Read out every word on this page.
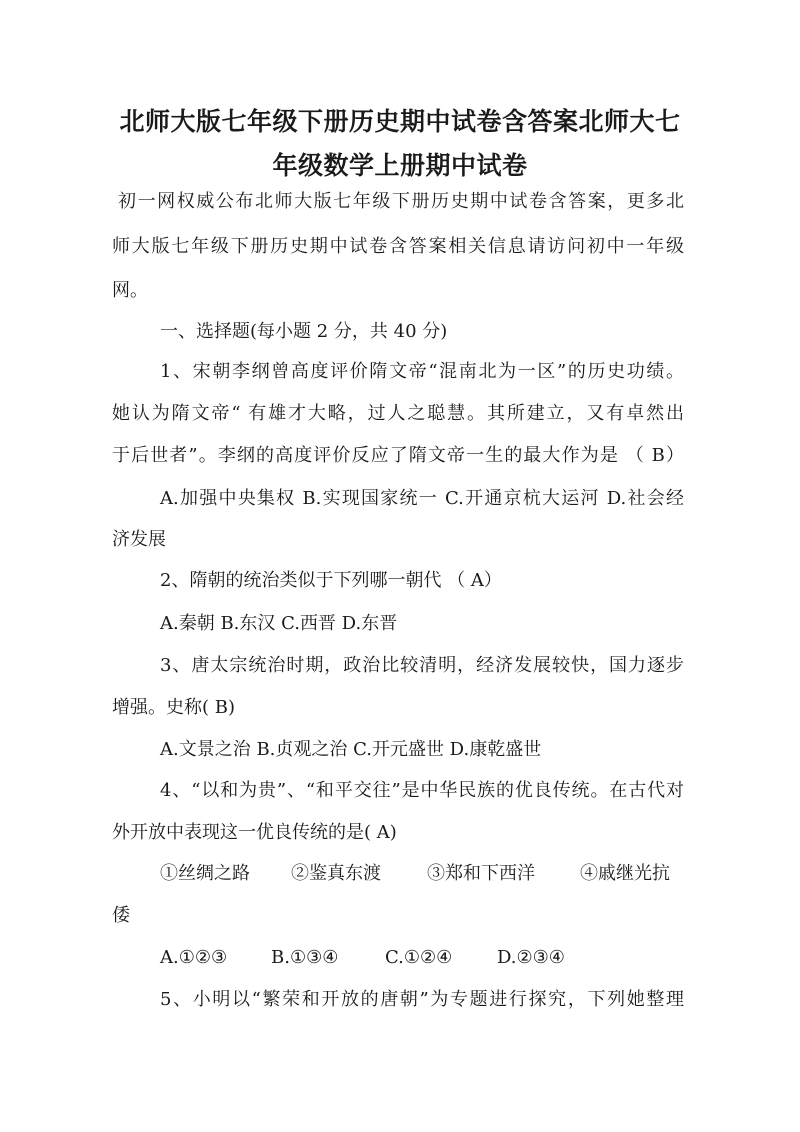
北师大版七年级下册历史期中试卷含答案北师大七
年级数学上册期中试卷
初一网权威公布北师大版七年级下册历史期中试卷含答案，更多北
师大版七年级下册历史期中试卷含答案相关信息请访问初中一年级
网。
一、选择题(每小题 2 分，共 40 分)
1、宋朝李纲曾高度评价隋文帝“混南北为一区”的历史功绩。
她认为隋文帝“ 有雄才大略，过人之聪慧。其所建立，又有卓然出
于后世者”。李纲的高度评价反应了隋文帝一生的最大作为是 （ B）
A.加强中央集权 B.实现国家统一 C.开通京杭大运河 D.社会经
济发展
2、隋朝的统治类似于下列哪一朝代 （ A）
A.秦朝 B.东汉 C.西晋 D.东晋
3、唐太宗统治时期，政治比较清明，经济发展较快，国力逐步
增强。史称( B)
A.文景之治 B.贞观之治 C.开元盛世 D.康乾盛世
4、“以和为贵”、“和平交往”是中华民族的优良传统。在古代对
外开放中表现这一优良传统的是( A)
①丝绸之路 ②鉴真东渡	③郑和下西洋	④戚继光抗
倭
A.①②③ B.①③④	C.①②④ D.②③④
5、小明以“繁荣和开放的唐朝”为专题进行探究，下列她整理
